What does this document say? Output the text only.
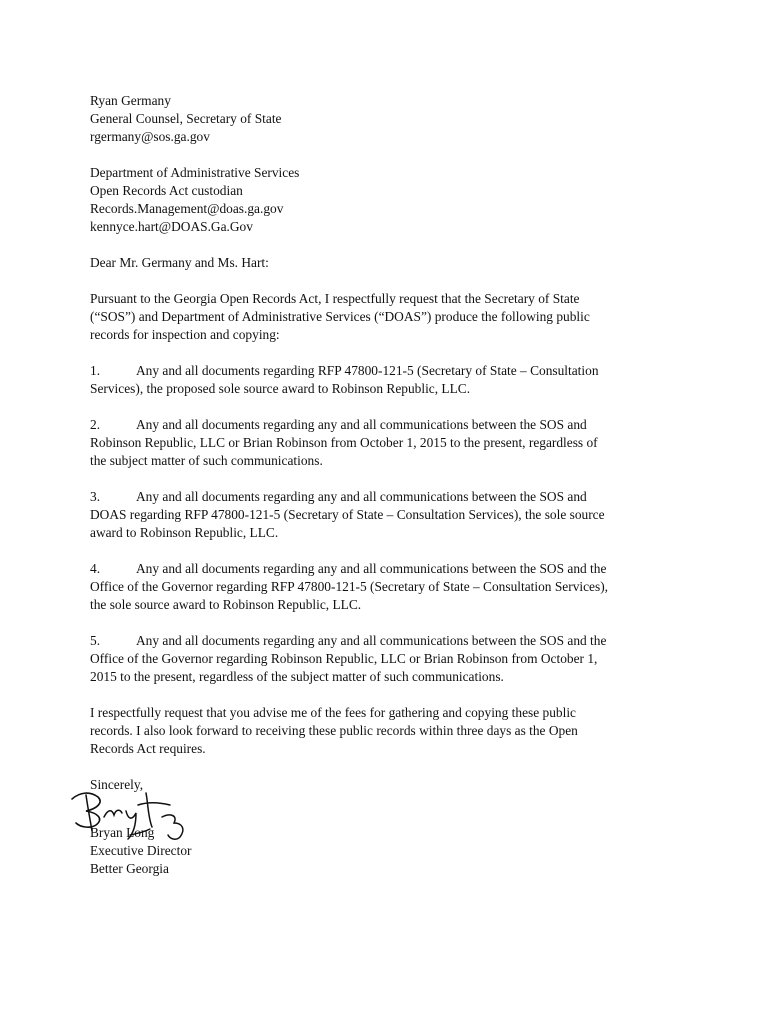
Ryan Germany
General Counsel, Secretary of State
rgermany@sos.ga.gov
Department of Administrative Services
Open Records Act custodian
Records.Management@doas.ga.gov
kennyce.hart@DOAS.Ga.Gov

Dear Mr. Germany and Ms. Hart:

Pursuant to the Georgia Open Records Act, I respectfully request that the Secretary of State
(“SOS”) and Department of Administrative Services (“DOAS”) produce the following public
records for inspection and copying:

1.	Any and all documents regarding RFP 47800-121-5 (Secretary of State – Consultation
Services), the proposed sole source award to Robinson Republic, LLC.
2.	Any and all documents regarding any and all communications between the SOS and
Robinson Republic, LLC or Brian Robinson from October 1, 2015 to the present, regardless of
the subject matter of such communications.
3.	Any and all documents regarding any and all communications between the SOS and
DOAS regarding RFP 47800-121-5 (Secretary of State – Consultation Services), the sole source
award to Robinson Republic, LLC.
4.	Any and all documents regarding any and all communications between the SOS and the
Office of the Governor regarding RFP 47800-121-5 (Secretary of State – Consultation Services),
the sole source award to Robinson Republic, LLC.
5.	Any and all documents regarding any and all communications between the SOS and the
Office of the Governor regarding Robinson Republic, LLC or Brian Robinson from October 1,
2015 to the present, regardless of the subject matter of such communications.

I respectfully request that you advise me of the fees for gathering and copying these public
records. I also look forward to receiving these public records within three days as the Open
Records Act requires.

Sincerely,

Bryan Long
Executive Director
Better Georgia
